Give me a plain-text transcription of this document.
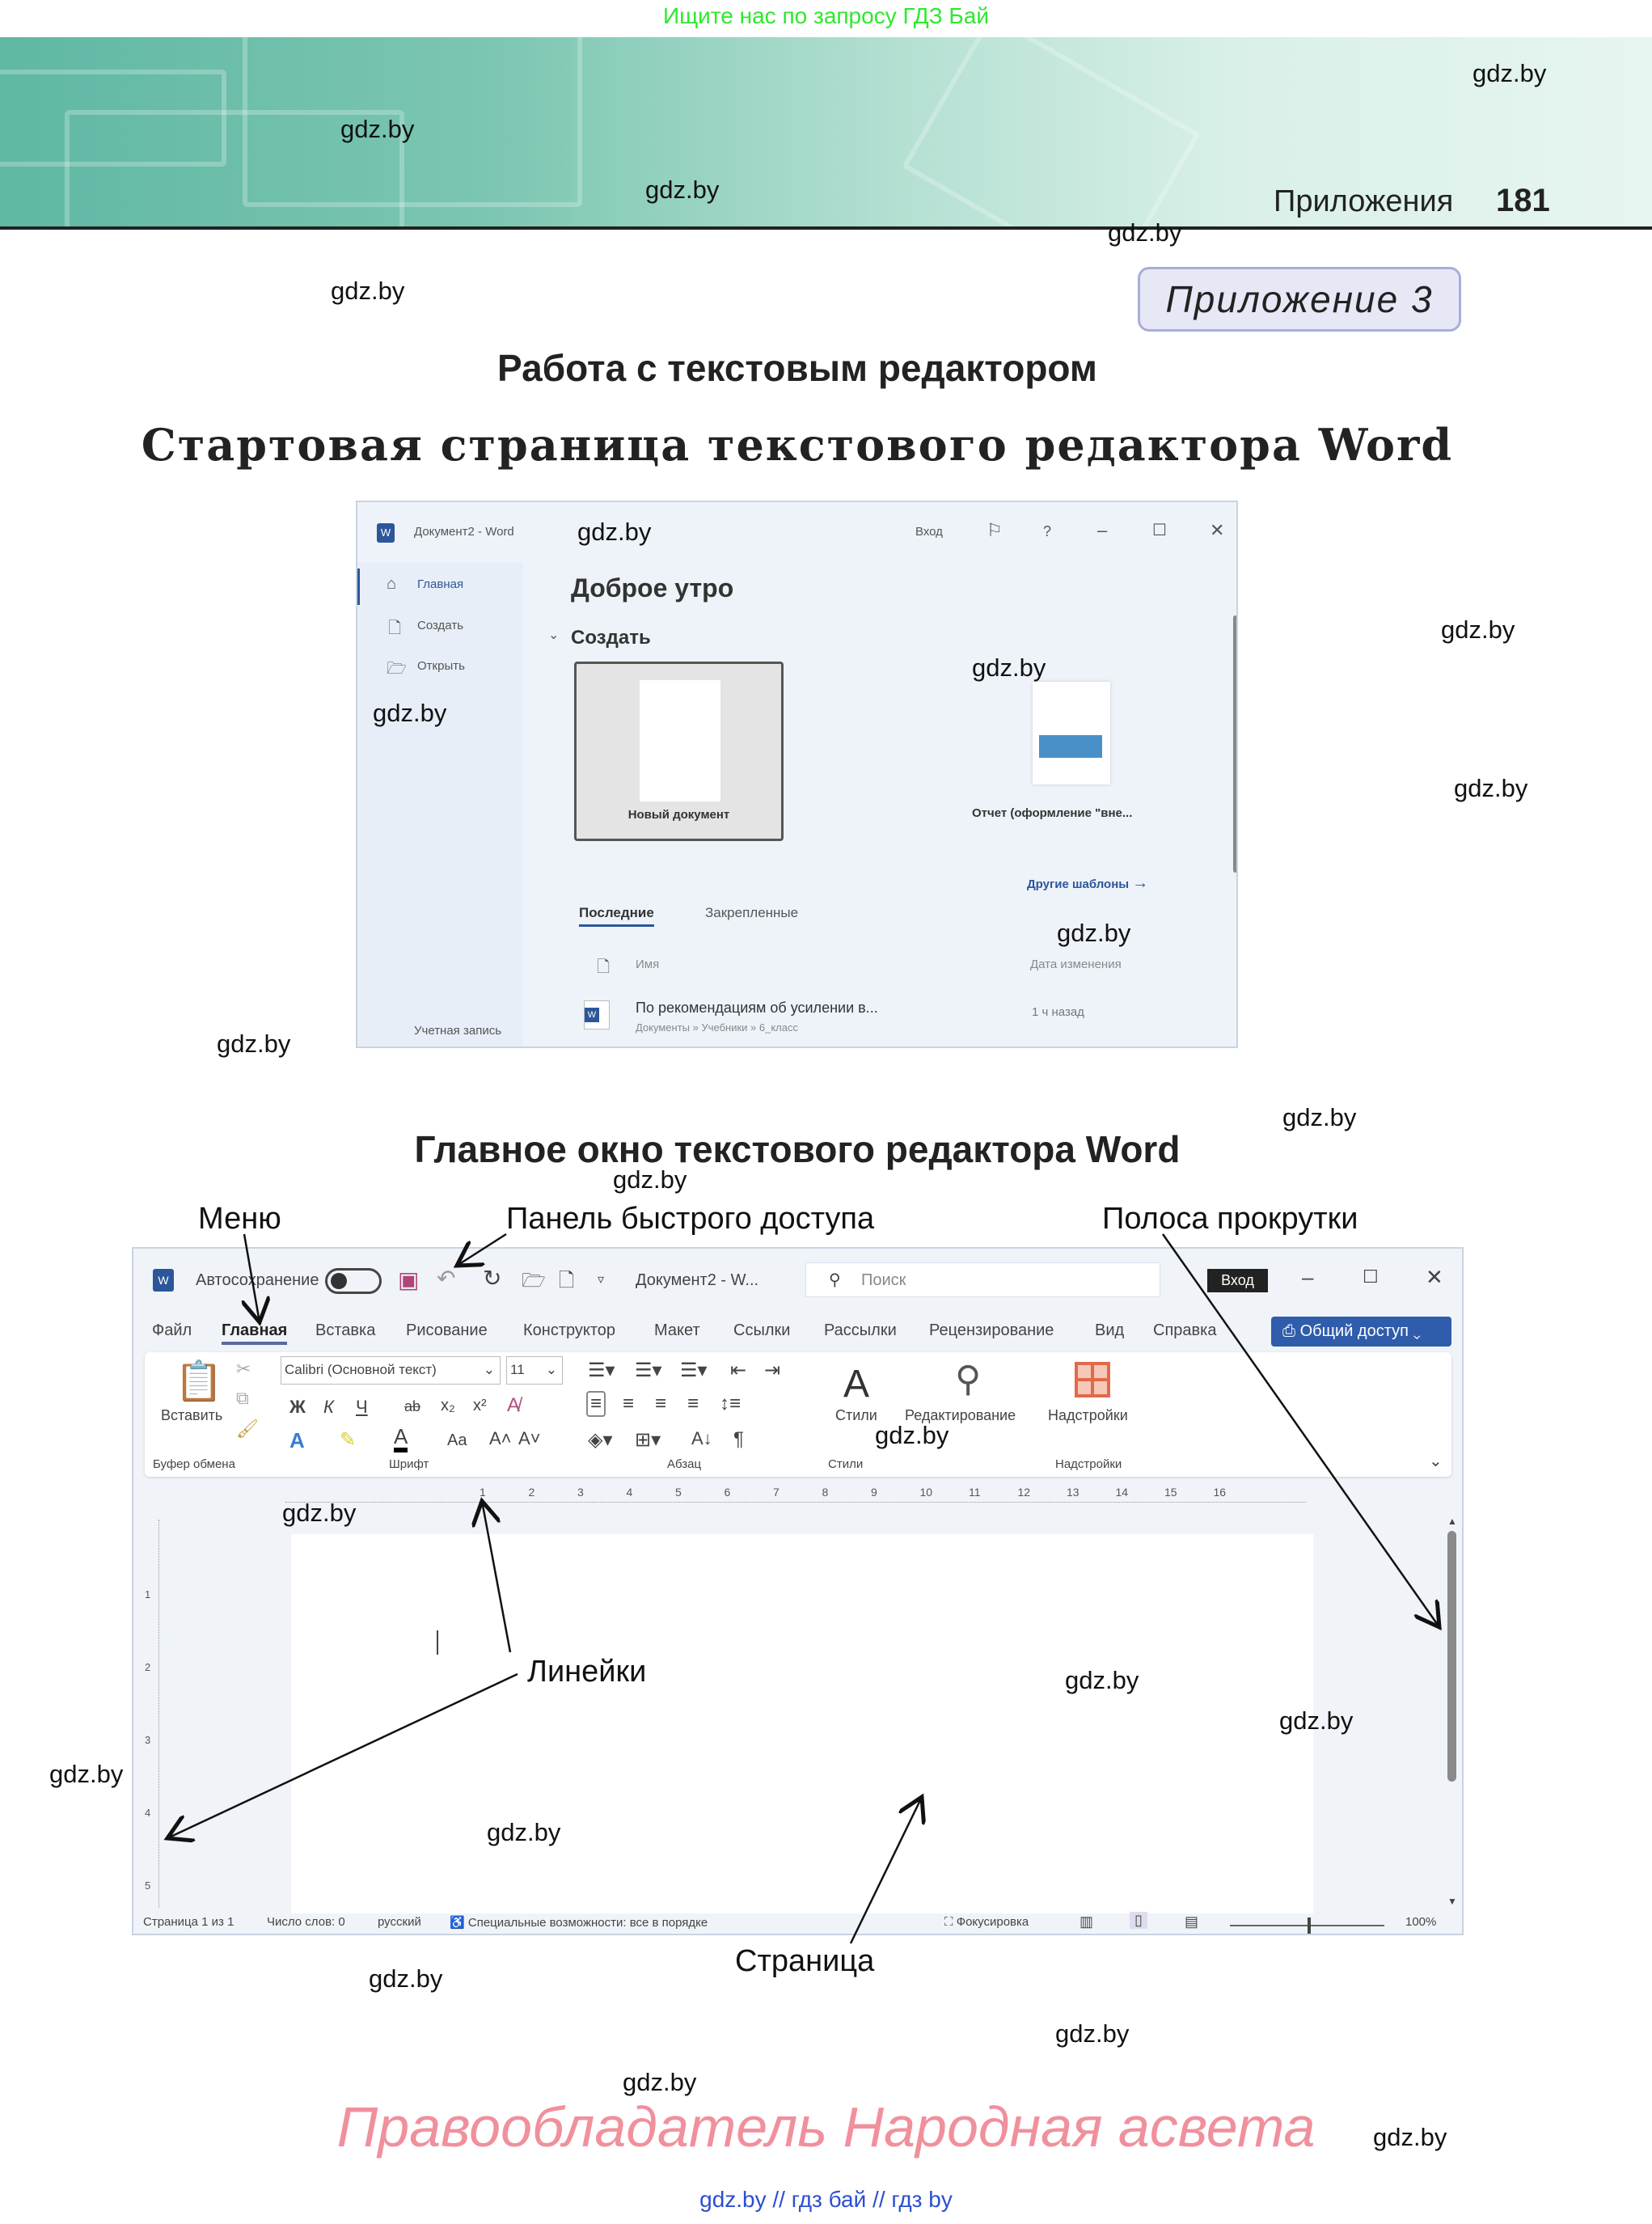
Ищите нас по запросу ГДЗ Бай
Приложения 181
Приложение 3
Работа с текстовым редактором
Стартовая страница текстового редактора Word
W	Документ2 - Word	Вход ⚐	?	–	☐ ✕
⌂ Главная
🗋 Создать
🗁 Открыть
Учетная запись
Доброе утро
⌄ Создать
Новый документ	Отчет (оформление "вне...
Другие шаблоны →
Последние	Закрепленные
🗋 Имя	Дата изменения
W	По рекомендациям об усилении в...
Документы » Учебники » 6_класс
1 ч назад
Главное окно текстового редактора Word
Меню	Панель быстрого доступа	Полоса прокрутки
W	Автосохранение	▣ ↶ ↻ 🗁 🗋 ▿ Документ2 - W...	⚲ Поиск	Вход	–	☐ ✕
Файл Главная Вставка Рисование Конструктор Макет Ссылки Рассылки Рецензирование	Вид Справка	⎙ Общий доступ ⌄
📋
Вставить
✂
⧉
🖌
Calibri (Основной текст)	⌄ 11 ⌄
Ж К Ч	ab x₂ x² A̸
A ✎ A Aa A˄ A˅
☰▾ ☰▾ ☰▾ ⇤ ⇥
≡ ≡ ≡ ≡ ↕≡
◈▾ ⊞▾ A↓ ¶
A
Стили
⚲
Редактирование Надстройки
Буфер обмена	Шрифт	Абзац	Стили	Надстройки	⌄
1	2	3	4	5	6	7	8	9	10	11	12	13	14	15	16
1
2
3
4
5
▲
▼
Страница 1 из 1	Число слов: 0	русский ♿ Специальные возможности: все в порядке	⛶ Фокусировка	▥	▯	▤	100%
Линейки
Страница
gdz.by
gdz.by
gdz.by
gdz.by
gdz.by
gdz.by
gdz.by
gdz.by
gdz.by
gdz.by
gdz.by
gdz.by
gdz.by
gdz.by
gdz.by
gdz.by
gdz.by
gdz.by
gdz.by
gdz.by
gdz.by
gdz.by
gdz.by
gdz.by
Правообладатель Народная асвета
gdz.by // гдз бай // гдз by
